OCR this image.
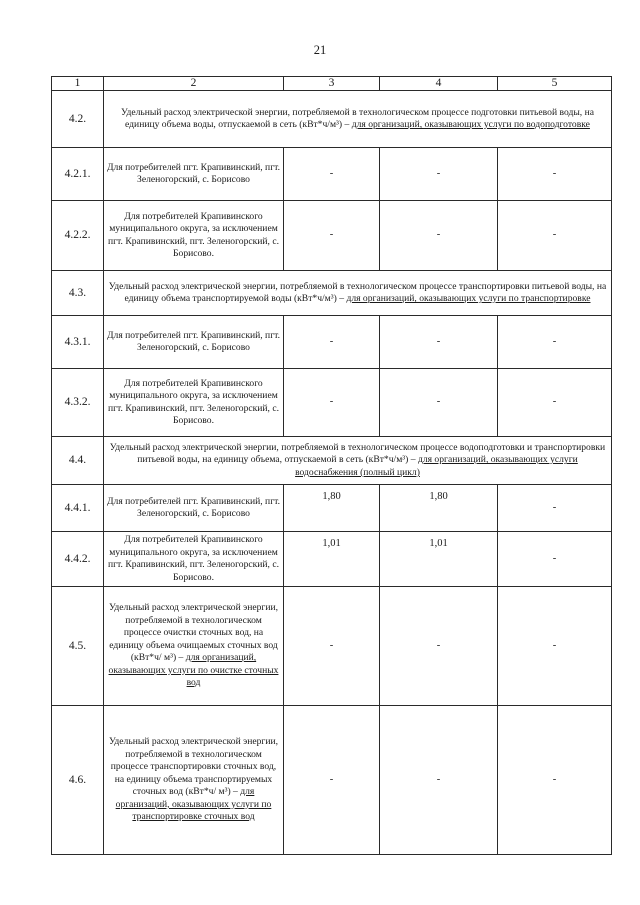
21
1	2	3	4	5
4.2.	Удельный расход электрической энергии, потребляемой в технологическом процессе подготовки питьевой воды, на единицу объема воды, отпускаемой в сеть (кВт*ч/м³) – для организаций, оказывающих услуги по водоподготовке			
4.2.1.	Для потребителей пгт. Крапивинский, пгт. Зеленогорский, с. Борисово	-	-	-
4.2.2.	Для потребителей Крапивинского муниципального округа, за исключением пгт. Крапивинский, пгт. Зеленогорский, с. Борисово.	-	-	-
4.3.	Удельный расход электрической энергии, потребляемой в технологическом процессе транспортировки питьевой воды, на единицу объема транспортируемой воды (кВт*ч/м³) – для организаций, оказывающих услуги по транспортировке			
4.3.1.	Для потребителей пгт. Крапивинский, пгт. Зеленогорский, с. Борисово	-	-	-
4.3.2.	Для потребителей Крапивинского муниципального округа, за исключением пгт. Крапивинский, пгт. Зеленогорский, с. Борисово.	-	-	-
4.4.	Удельный расход электрической энергии, потребляемой в технологическом процессе водоподготовки и транспортировки питьевой воды, на единицу объема, отпускаемой в сеть (кВт*ч/м³) – для организаций, оказывающих услуги водоснабжения (полный цикл)			
4.4.1.	Для потребителей пгт. Крапивинский, пгт. Зеленогорский, с. Борисово	1,80	1,80	-
4.4.2.	Для потребителей Крапивинского муниципального округа, за исключением пгт. Крапивинский, пгт. Зеленогорский, с. Борисово.	1,01	1,01	-
4.5.	Удельный расход электрической энергии, потребляемой в технологическом процессе очистки сточных вод, на единицу объема очищаемых сточных вод (кВт*ч/ м³) – для организаций, оказывающих услуги по очистке сточных вод	-	-	-
4.6.	Удельный расход электрической энергии, потребляемой в технологическом процессе транспортировки сточных вод, на единицу объема транспортируемых сточных вод (кВт*ч/ м³) – для организаций, оказывающих услуги по транспортировке сточных вод	-	-	-
